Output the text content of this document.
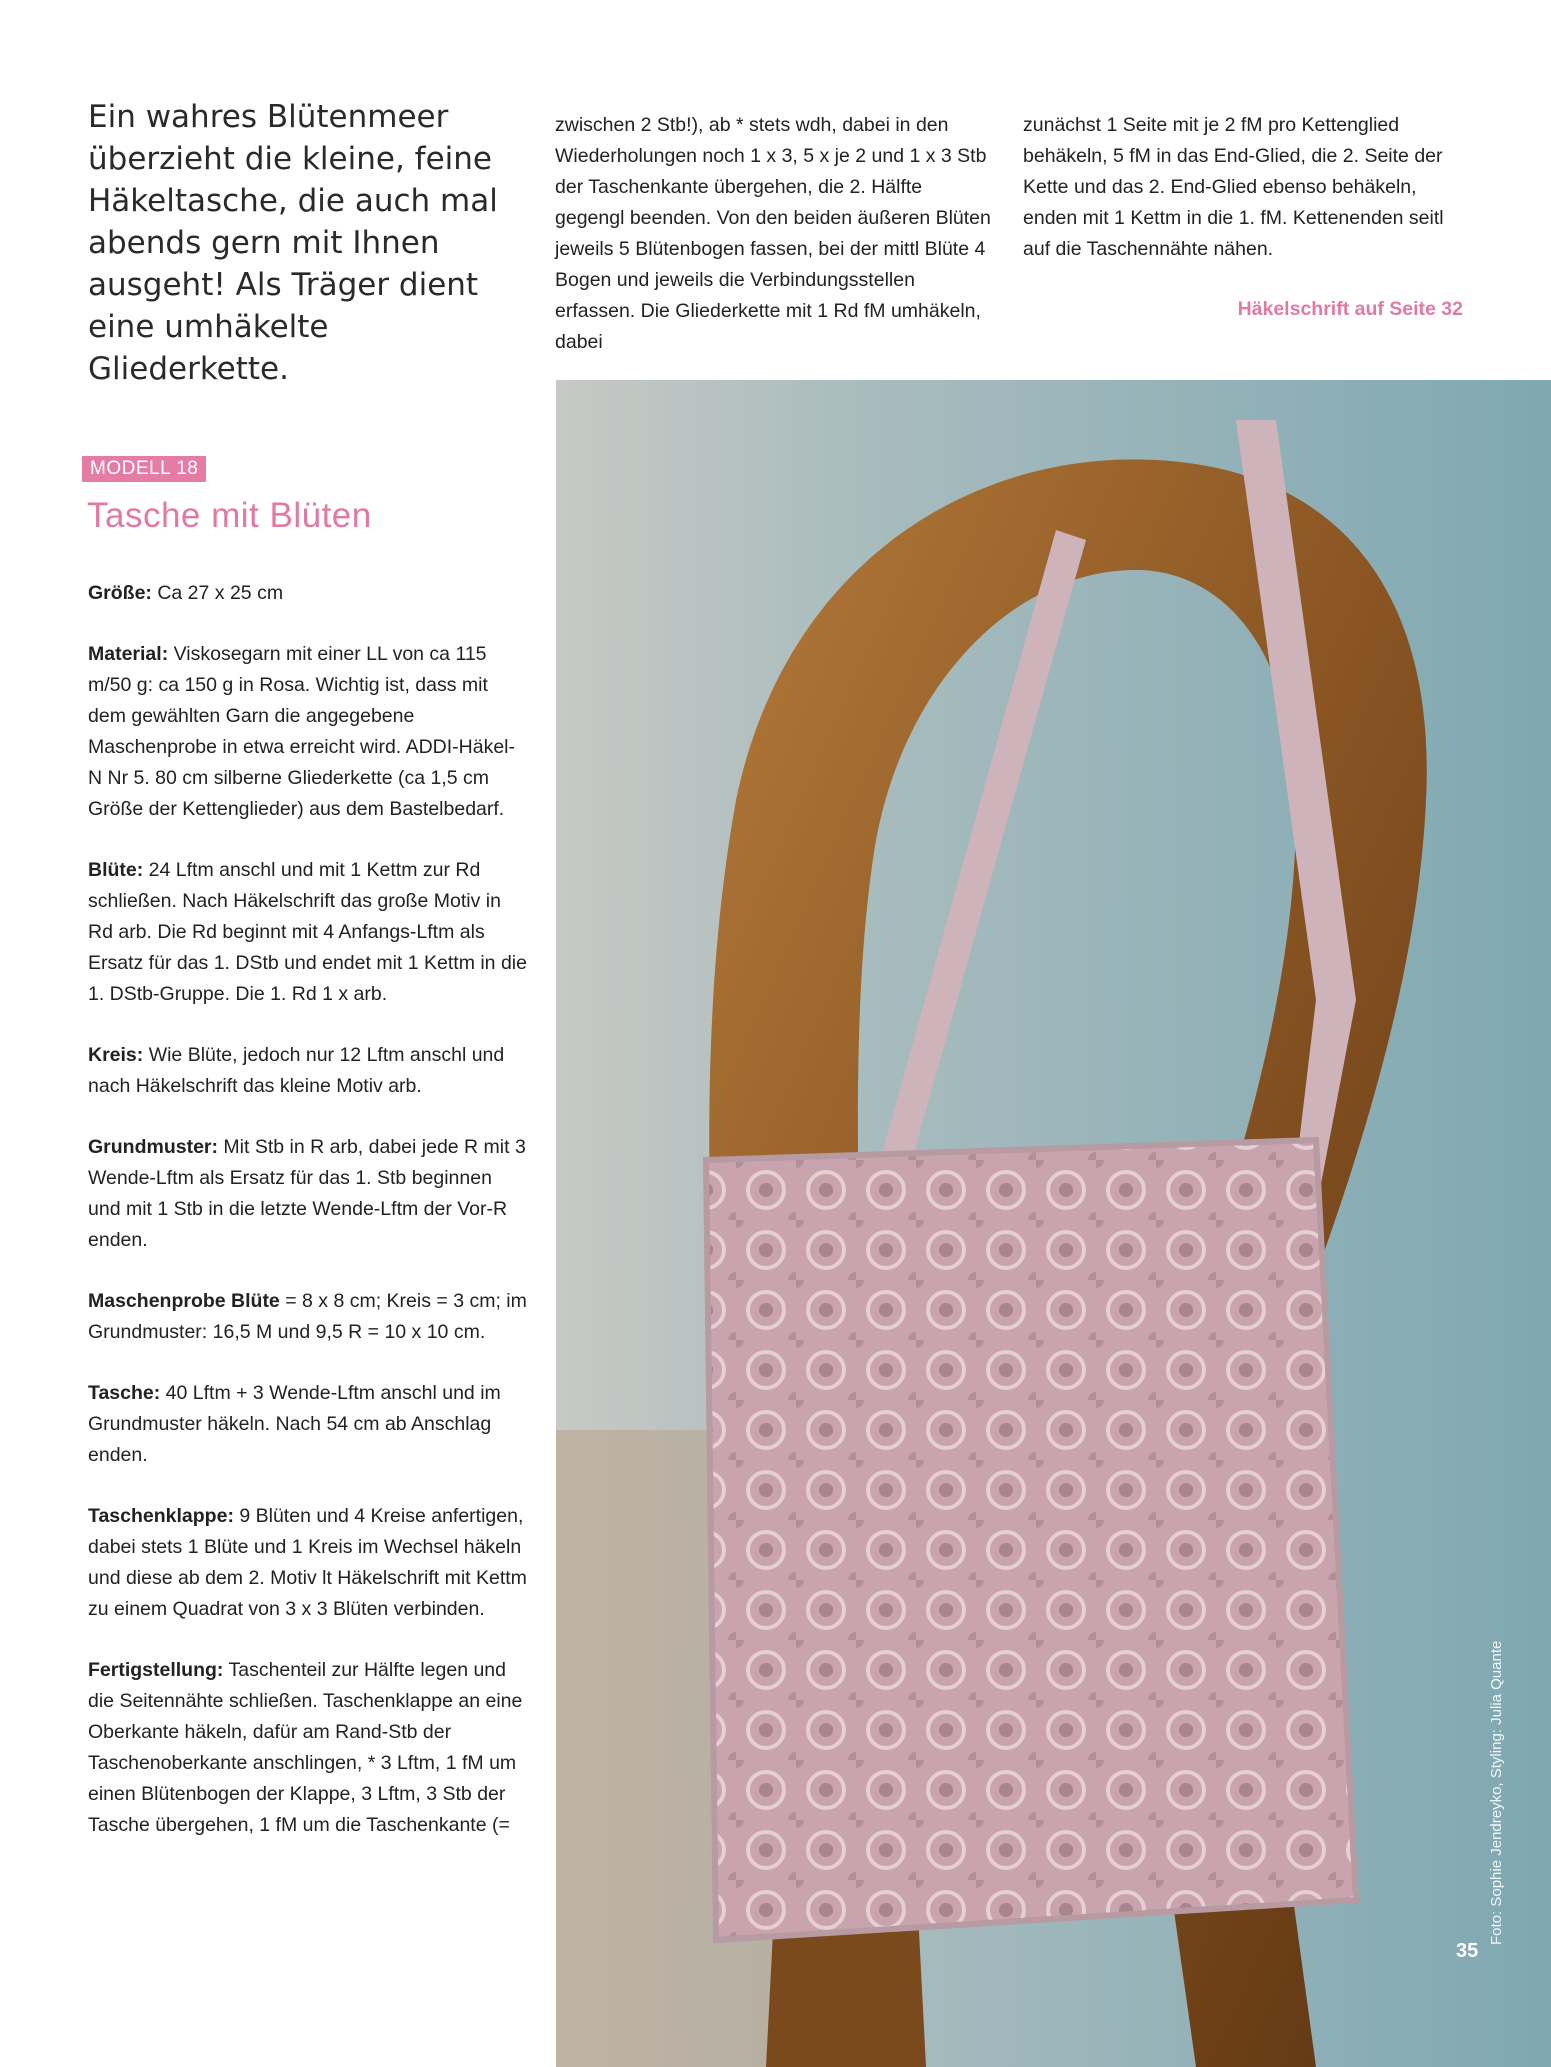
Ein wahres Blütenmeer überzieht die kleine, feine Häkeltasche, die auch mal abends gern mit Ihnen ausgeht! Als Träger dient eine umhäkelte Gliederkette.

zwischen 2 Stb!), ab * stets wdh, dabei in den Wiederholungen noch 1 x 3, 5 x je 2 und 1 x 3 Stb der Taschenkante übergehen, die 2. Hälfte gegengl beenden. Von den beiden äußeren Blüten jeweils 5 Blütenbogen fassen, bei der mittl Blüte 4 Bogen und jeweils die Verbindungsstellen erfassen. Die Gliederkette mit 1 Rd fM umhäkeln, dabei

zunächst 1 Seite mit je 2 fM pro Kettenglied behäkeln, 5 fM in das End-Glied, die 2. Seite der Kette und das 2. End-Glied ebenso behäkeln, enden mit 1 Kettm in die 1. fM. Kettenenden seitl auf die Taschennähte nähen.

Häkelschrift auf Seite 32
MODELL 18
Tasche mit Blüten

Größe: Ca 27 x 25 cm

Material: Viskosegarn mit einer LL von ca 115 m/50 g: ca 150 g in Rosa. Wichtig ist, dass mit dem gewählten Garn die angegebene Maschenprobe in etwa erreicht wird. ADDI-Häkel-N Nr 5. 80 cm silberne Gliederkette (ca 1,5 cm Größe der Kettenglieder) aus dem Bastelbedarf.

Blüte: 24 Lftm anschl und mit 1 Kettm zur Rd schließen. Nach Häkelschrift das große Motiv in Rd arb. Die Rd beginnt mit 4 Anfangs-Lftm als Ersatz für das 1. DStb und endet mit 1 Kettm in die 1. DStb-Gruppe. Die 1. Rd 1 x arb.

Kreis: Wie Blüte, jedoch nur 12 Lftm anschl und nach Häkelschrift das kleine Motiv arb.

Grundmuster: Mit Stb in R arb, dabei jede R mit 3 Wende-Lftm als Ersatz für das 1. Stb beginnen und mit 1 Stb in die letzte Wende-Lftm der Vor-R enden.

Maschenprobe Blüte = 8 x 8 cm; Kreis = 3 cm; im Grundmuster: 16,5 M und 9,5 R = 10 x 10 cm.

Tasche: 40 Lftm + 3 Wende-Lftm anschl und im Grundmuster häkeln. Nach 54 cm ab Anschlag enden.

Taschenklappe: 9 Blüten und 4 Kreise anfertigen, dabei stets 1 Blüte und 1 Kreis im Wechsel häkeln und diese ab dem 2. Motiv lt Häkelschrift mit Kettm zu einem Quadrat von 3 x 3 Blüten verbinden.

Fertigstellung: Taschenteil zur Hälfte legen und die Seitennähte schließen. Taschenklappe an eine Oberkante häkeln, dafür am Rand-Stb der Taschenoberkante anschlingen, * 3 Lftm, 1 fM um einen Blütenbogen der Klappe, 3 Lftm, 3 Stb der Tasche übergehen, 1 fM um die Taschenkante (=	Foto: Sophie Jendreyko, Styling: Julia Quante
35
